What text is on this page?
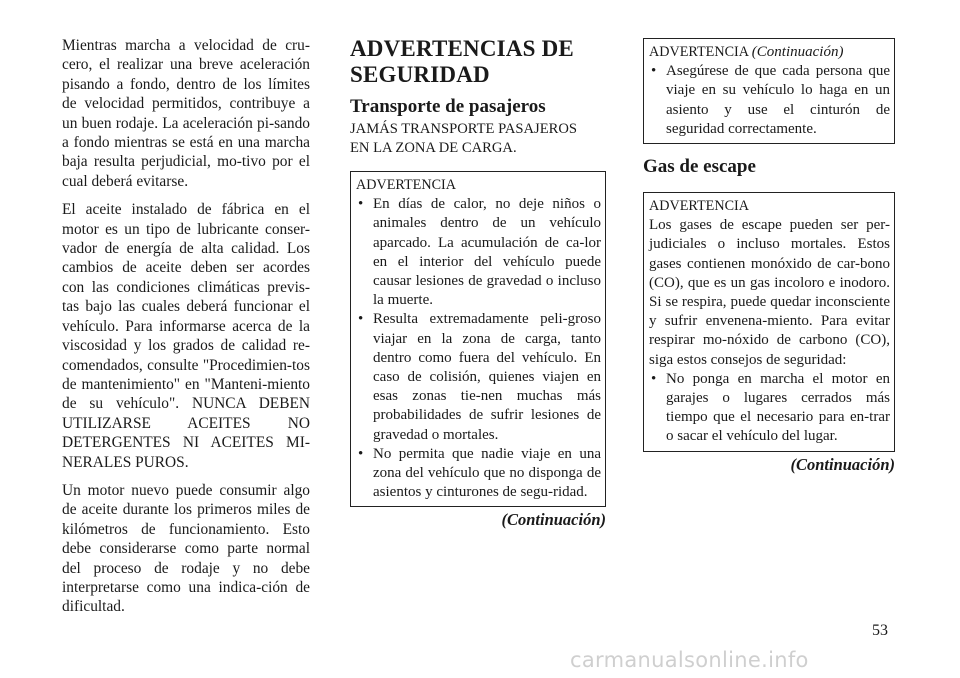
Mientras marcha a velocidad de cru-cero, el realizar una breve aceleración pisando a fondo, dentro de los límites de velocidad permitidos, contribuye a un buen rodaje. La aceleración pi-sando a fondo mientras se está en una marcha baja resulta perjudicial, mo-tivo por el cual deberá evitarse.

El aceite instalado de fábrica en el motor es un tipo de lubricante conser-vador de energía de alta calidad. Los cambios de aceite deben ser acordes con las condiciones climáticas previs-tas bajo las cuales deberá funcionar el vehículo. Para informarse acerca de la viscosidad y los grados de calidad re-comendados, consulte "Procedimien-tos de mantenimiento" en "Manteni-miento de su vehículo". NUNCA DEBEN UTILIZARSE ACEITES NO DETERGENTES NI ACEITES MI-NERALES PUROS.

Un motor nuevo puede consumir algo de aceite durante los primeros miles de kilómetros de funcionamiento. Esto debe considerarse como parte normal del proceso de rodaje y no debe interpretarse como una indica-ción de dificultad.

ADVERTENCIAS DE
SEGURIDAD
Transporte de pasajeros
JAMÁS TRANSPORTE PASAJEROS
EN LA ZONA DE CARGA.
ADVERTENCIA
• En días de calor, no deje niños o animales dentro de un vehículo aparcado. La acumulación de ca-lor en el interior del vehículo puede causar lesiones de gravedad o incluso la muerte.
• Resulta extremadamente peli-groso viajar en la zona de carga, tanto dentro como fuera del vehículo. En caso de colisión, quienes viajen en esas zonas tie-nen muchas más probabilidades de sufrir lesiones de gravedad o mortales.
• No permita que nadie viaje en una zona del vehículo que no disponga de asientos y cinturones de segu-ridad.
(Continuación)
ADVERTENCIA (Continuación)
• Asegúrese de que cada persona que viaje en su vehículo lo haga en un asiento y use el cinturón de seguridad correctamente.
Gas de escape
ADVERTENCIA
Los gases de escape pueden ser per-judiciales o incluso mortales. Estos gases contienen monóxido de car-bono (CO), que es un gas incoloro e inodoro. Si se respira, puede quedar inconsciente y sufrir envenena-miento. Para evitar respirar mo-nóxido de carbono (CO), siga estos consejos de seguridad:
• No ponga en marcha el motor en garajes o lugares cerrados más tiempo que el necesario para en-trar o sacar el vehículo del lugar.
(Continuación)
53
carmanualsonline.info
